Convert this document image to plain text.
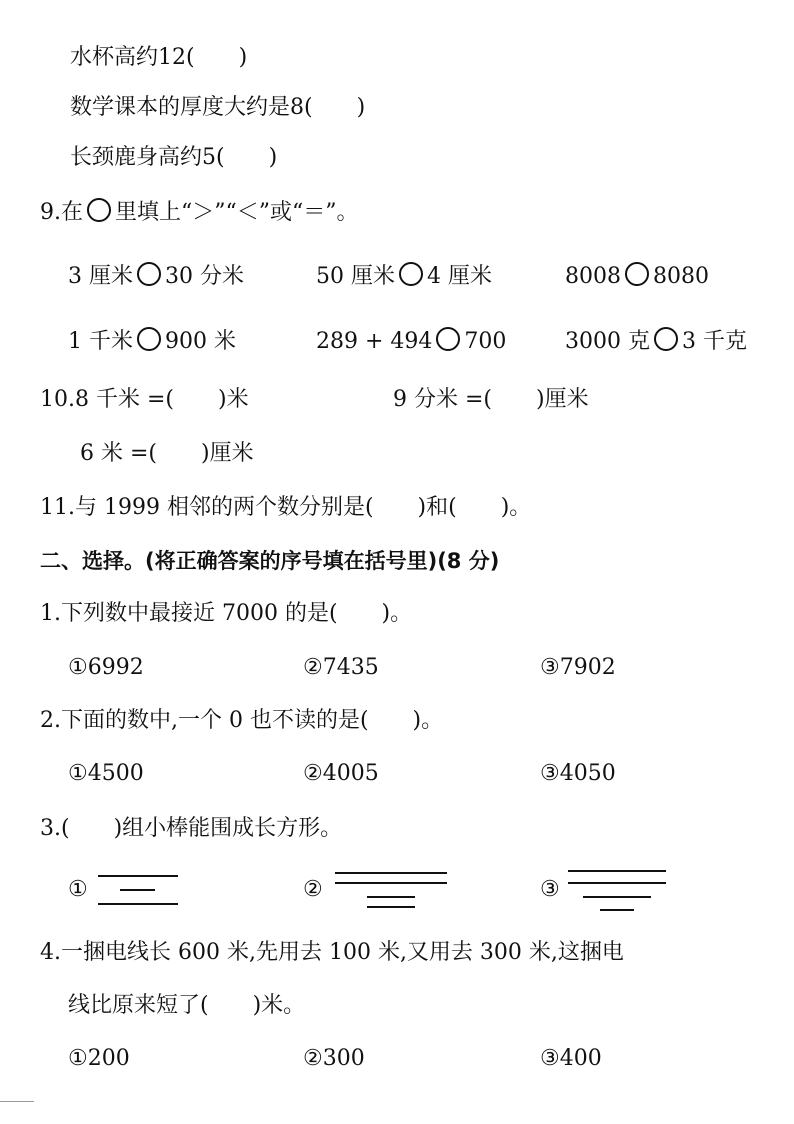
水杯高约12(　　)
数学课本的厚度大约是8(　　)
长颈鹿身高约5(　　)
9.在 里填上“＞”“＜”或“＝”。
3 厘米 30 分米	50 厘米 4 厘米	8008 8080
1 千米 900 米	289 + 494 700	3000 克 3 千克
10.8 千米 =(　　)米	9 分米 =(　　)厘米
6 米 =(　　)厘米
11.与 1999 相邻的两个数分别是(　　)和(　　)。
二、选择。(将正确答案的序号填在括号里)(8 分)
1.下列数中最接近 7000 的是(　　)。
①6992	②7435	③7902
2.下面的数中,一个 0 也不读的是(　　)。
①4500	②4005	③4050
3.(　　)组小棒能围成长方形。
①	②	③
4.一捆电线长 600 米,先用去 100 米,又用去 300 米,这捆电
线比原来短了(　　)米。
①200	②300	③400
